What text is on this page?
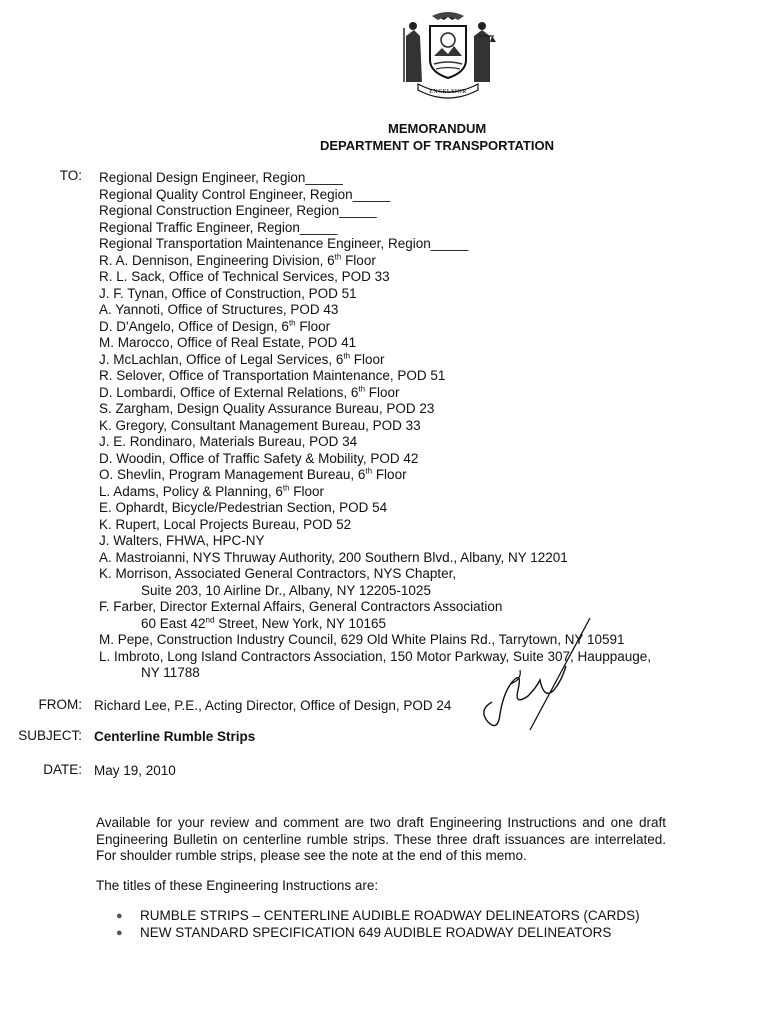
EXCELSIOR
MEMORANDUM
DEPARTMENT OF TRANSPORTATION
TO: Regional Design Engineer, Region_____
Regional Quality Control Engineer, Region_____
Regional Construction Engineer, Region_____
Regional Traffic Engineer, Region_____
Regional Transportation Maintenance Engineer, Region_____
R. A. Dennison, Engineering Division, 6th Floor
R. L. Sack, Office of Technical Services, POD 33
J. F. Tynan, Office of Construction, POD 51
A. Yannoti, Office of Structures, POD 43
D. D'Angelo, Office of Design, 6th Floor
M. Marocco, Office of Real Estate, POD 41
J. McLachlan, Office of Legal Services, 6th Floor
R. Selover, Office of Transportation Maintenance, POD 51
D. Lombardi, Office of External Relations, 6th Floor
S. Zargham, Design Quality Assurance Bureau, POD 23
K. Gregory, Consultant Management Bureau, POD 33
J. E. Rondinaro, Materials Bureau, POD 34
D. Woodin, Office of Traffic Safety & Mobility, POD 42
O. Shevlin, Program Management Bureau, 6th Floor
L. Adams, Policy & Planning, 6th Floor
E. Ophardt, Bicycle/Pedestrian Section, POD 54
K. Rupert, Local Projects Bureau, POD 52
J. Walters, FHWA, HPC-NY
A. Mastroianni, NYS Thruway Authority, 200 Southern Blvd., Albany, NY 12201
K. Morrison, Associated General Contractors, NYS Chapter,
Suite 203, 10 Airline Dr., Albany, NY 12205-1025
F. Farber, Director External Affairs, General Contractors Association
60 East 42nd Street, New York, NY 10165
M. Pepe, Construction Industry Council, 629 Old White Plains Rd., Tarrytown, NY 10591
L. Imbroto, Long Island Contractors Association, 150 Motor Parkway, Suite 307, Hauppauge,
NY 11788
FROM: Richard Lee, P.E., Acting Director, Office of Design, POD 24
SUBJECT: Centerline Rumble Strips
DATE: May 19, 2010
Available for your review and comment are two draft Engineering Instructions and one draft Engineering Bulletin on centerline rumble strips. These three draft issuances are interrelated. For shoulder rumble strips, please see the note at the end of this memo.
The titles of these Engineering Instructions are:
● RUMBLE STRIPS – CENTERLINE AUDIBLE ROADWAY DELINEATORS (CARDS)
● NEW STANDARD SPECIFICATION 649 AUDIBLE ROADWAY DELINEATORS
